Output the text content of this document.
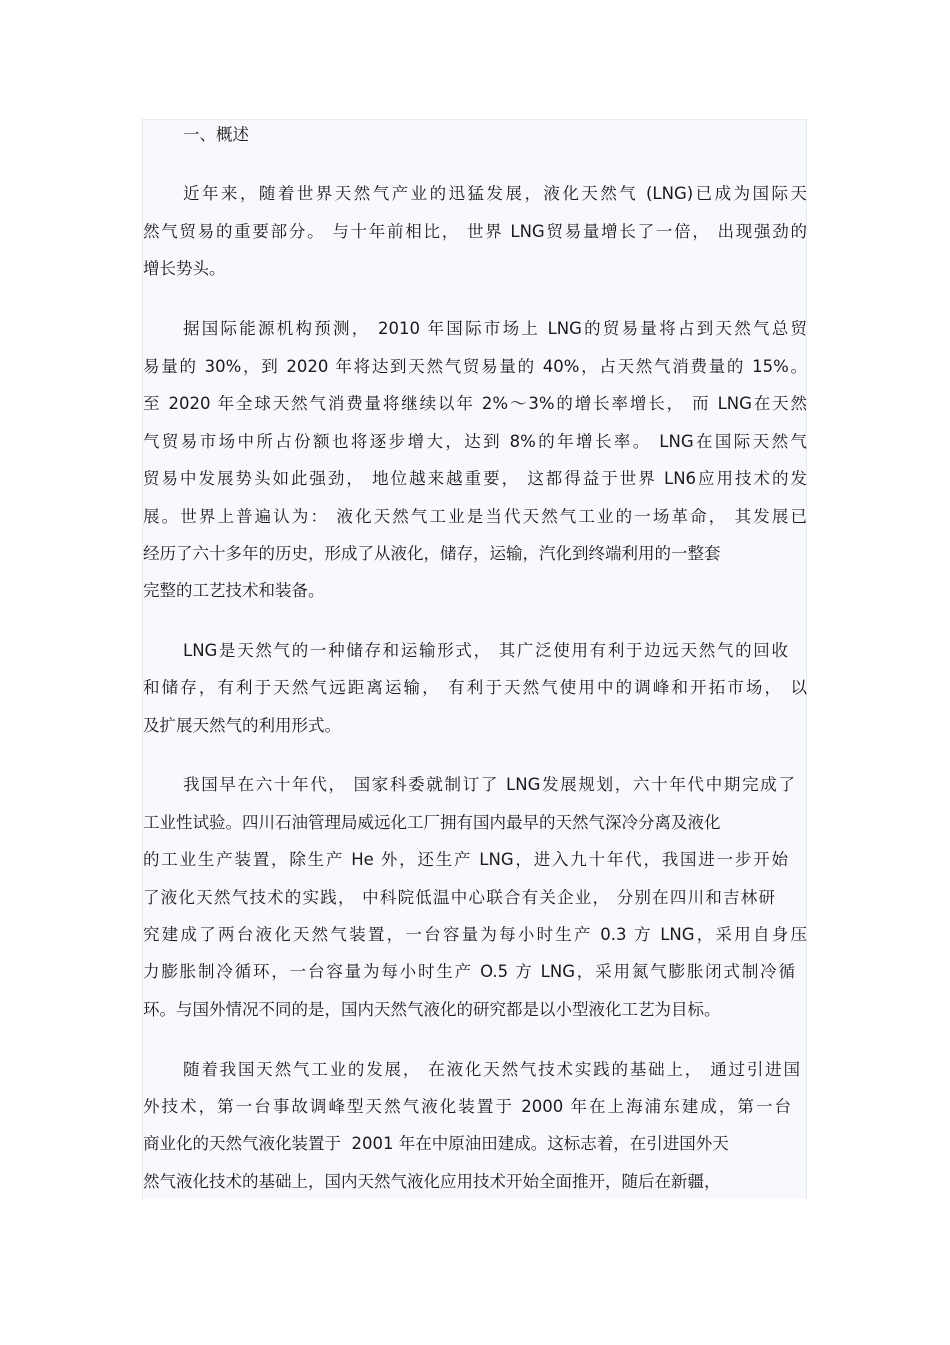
一、概述
近年来，随着世界天然气产业的迅猛发展，液化天然气 (LNG)已成为国际天
然气贸易的重要部分。 与十年前相比， 世界 LNG贸易量增长了一倍， 出现强劲的
增长势头。
据国际能源机构预测， 2010 年国际市场上 LNG的贸易量将占到天然气总贸
易量的 30%，到 2020 年将达到天然气贸易量的 40%，占天然气消费量的 15%。
至 2020 年全球天然气消费量将继续以年 2%～3%的增长率增长， 而 LNG在天然
气贸易市场中所占份额也将逐步增大，达到 8%的年增长率。 LNG在国际天然气
贸易中发展势头如此强劲， 地位越来越重要， 这都得益于世界 LN6应用技术的发
展。世界上普遍认为： 液化天然气工业是当代天然气工业的一场革命， 其发展已
经历了六十多年的历史，形成了从液化，储存，运输，汽化到终端利用的一整套
完整的工艺技术和装备。
LNG是天然气的一种储存和运输形式， 其广泛使用有利于边远天然气的回收
和储存，有利于天然气远距离运输， 有利于天然气使用中的调峰和开拓市场， 以
及扩展天然气的利用形式。
我国早在六十年代， 国家科委就制订了 LNG发展规划，六十年代中期完成了
工业性试验。四川石油管理局威远化工厂拥有国内最早的天然气深冷分离及液化
的工业生产装置，除生产 He 外，还生产 LNG，进入九十年代，我国进一步开始
了液化天然气技术的实践， 中科院低温中心联合有关企业， 分别在四川和吉林研
究建成了两台液化天然气装置，一台容量为每小时生产 0.3 方 LNG，采用自身压
力膨胀制冷循环，一台容量为每小时生产 O.5 方 LNG，采用氮气膨胀闭式制冷循
环。与国外情况不同的是，国内天然气液化的研究都是以小型液化工艺为目标。
随着我国天然气工业的发展， 在液化天然气技术实践的基础上， 通过引进国
外技术，第一台事故调峰型天然气液化装置于 2000 年在上海浦东建成，第一台
商业化的天然气液化装置于  2001 年在中原油田建成。这标志着，在引进国外天
然气液化技术的基础上，国内天然气液化应用技术开始全面推开，随后在新疆，
